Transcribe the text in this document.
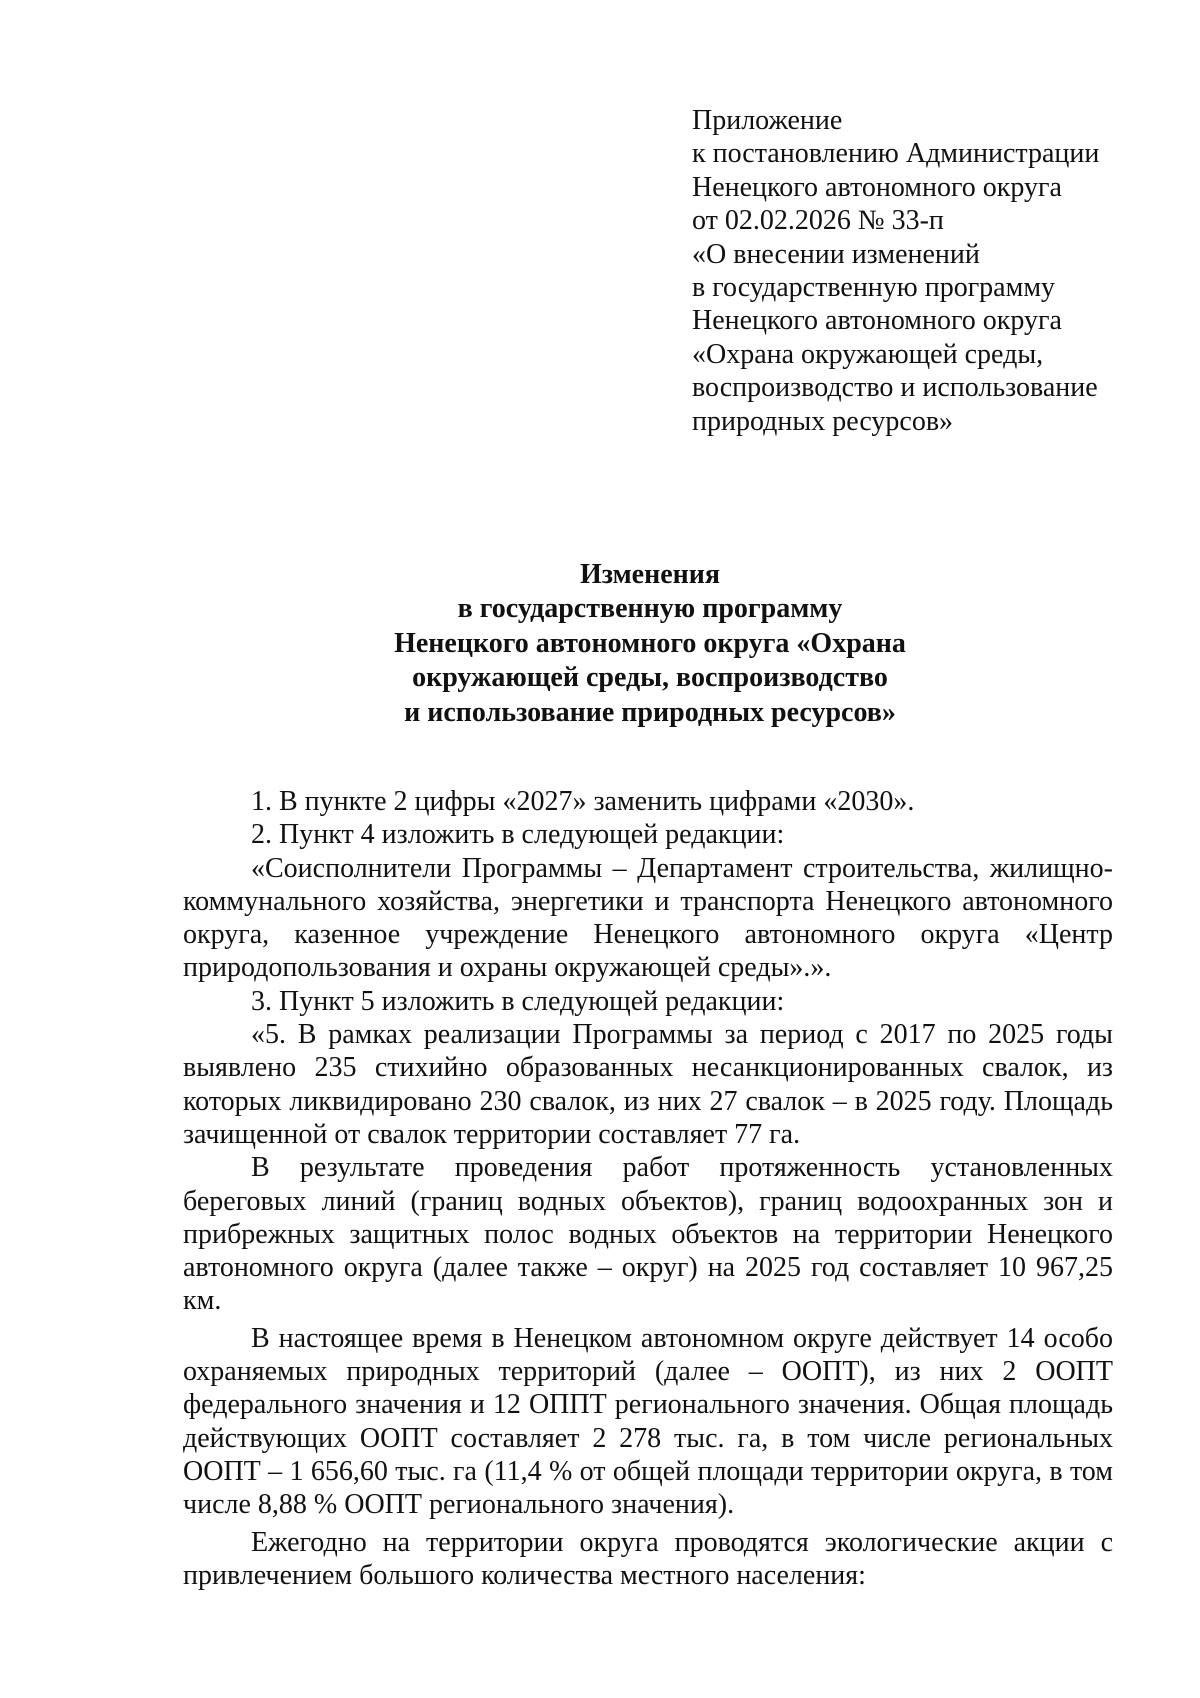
Приложение
к постановлению Администрации
Ненецкого автономного округа
от 02.02.2026 № 33-п
«О внесении изменений
в государственную программу
Ненецкого автономного округа
«Охрана окружающей среды,
воспроизводство и использование
природных ресурсов»
Изменения
в государственную программу
Ненецкого автономного округа «Охрана
окружающей среды, воспроизводство
и использование природных ресурсов»

1. В пункте 2 цифры «2027» заменить цифрами «2030».

2. Пункт 4 изложить в следующей редакции:

«Соисполнители Программы – Департамент строительства, жилищно-коммунального хозяйства, энергетики и транспорта Ненецкого автономного округа, казенное учреждение Ненецкого автономного округа «Центр природопользования и охраны окружающей среды».».

3. Пункт 5 изложить в следующей редакции:

«5. В рамках реализации Программы за период с 2017 по 2025 годы выявлено 235 стихийно образованных несанкционированных свалок, из которых ликвидировано 230 свалок, из них 27 свалок – в 2025 году. Площадь зачищенной от свалок территории составляет 77 га.

В результате проведения работ протяженность установленных береговых линий (границ водных объектов), границ водоохранных зон и прибрежных защитных полос водных объектов на территории Ненецкого автономного округа (далее также – округ) на 2025 год составляет 10 967,25 км.

В настоящее время в Ненецком автономном округе действует 14 особо охраняемых природных территорий (далее – ООПТ), из них 2 ООПТ федерального значения и 12 ОППТ регионального значения. Общая площадь действующих ООПТ составляет 2 278 тыс. га, в том числе региональных ООПТ – 1 656,60 тыс. га (11,4 % от общей площади территории округа, в том числе 8,88 % ООПТ регионального значения).

Ежегодно на территории округа проводятся экологические акции с привлечением большого количества местного населения:
